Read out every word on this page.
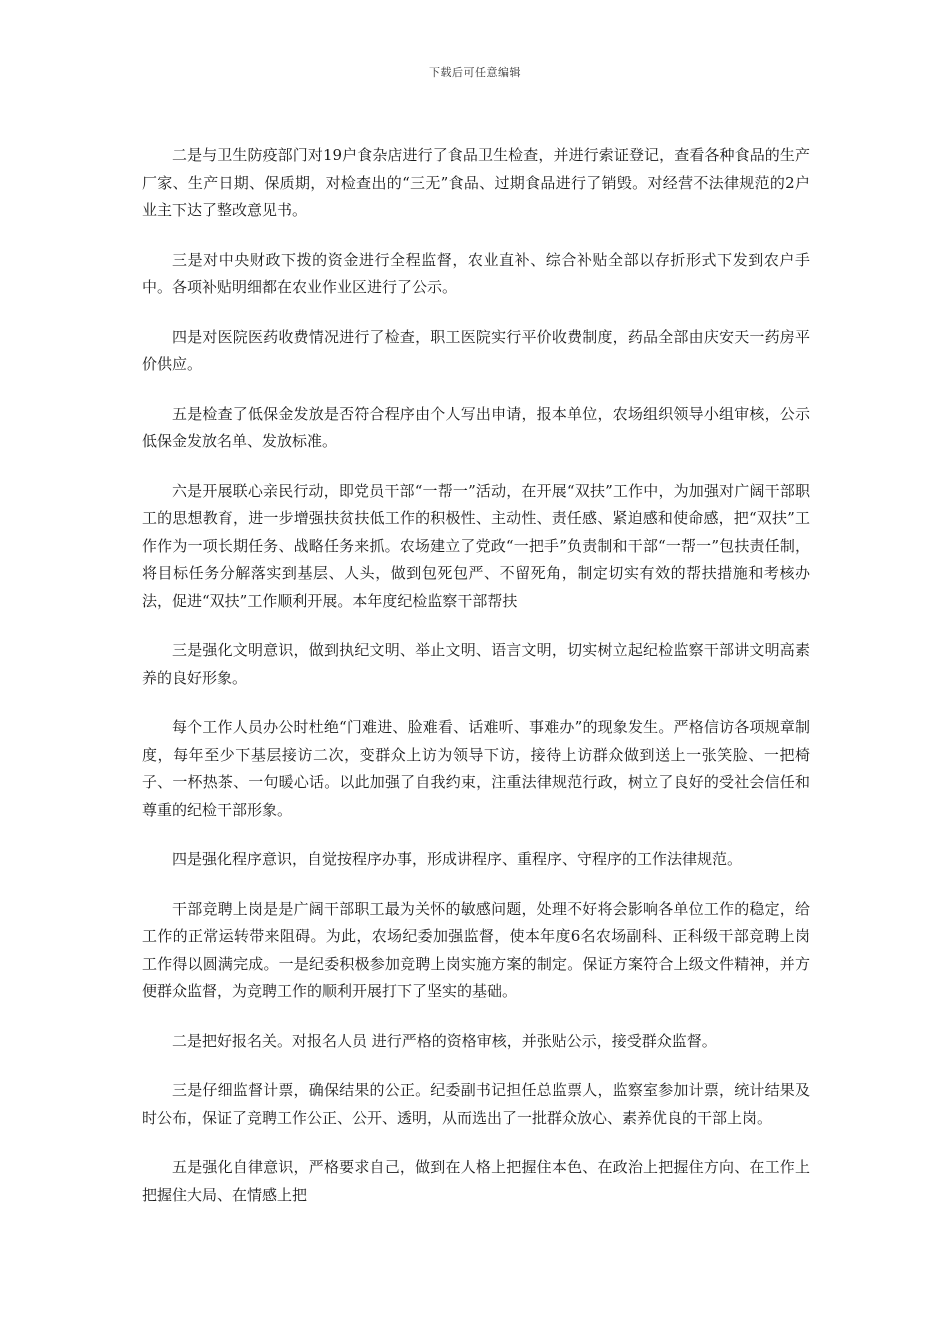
下载后可任意编辑

二是与卫生防疫部门对19户食杂店进行了食品卫生检查，并进行索证登记，查看各种食品的生产厂家、生产日期、保质期，对检查出的“三无”食品、过期食品进行了销毁。对经营不法律规范的2户业主下达了整改意见书。

三是对中央财政下拨的资金进行全程监督，农业直补、综合补贴全部以存折形式下发到农户手中。各项补贴明细都在农业作业区进行了公示。

四是对医院医药收费情况进行了检查，职工医院实行平价收费制度，药品全部由庆安天一药房平价供应。

五是检查了低保金发放是否符合程序由个人写出申请，报本单位，农场组织领导小组审核，公示低保金发放名单、发放标准。

六是开展联心亲民行动，即党员干部“一帮一”活动，在开展“双扶”工作中，为加强对广阔干部职工的思想教育，进一步增强扶贫扶低工作的积极性、主动性、责任感、紧迫感和使命感，把“双扶”工作作为一项长期任务、战略任务来抓。农场建立了党政“一把手”负责制和干部“一帮一”包扶责任制，将目标任务分解落实到基层、人头，做到包死包严、不留死角，制定切实有效的帮扶措施和考核办法，促进“双扶”工作顺利开展。本年度纪检监察干部帮扶

三是强化文明意识，做到执纪文明、举止文明、语言文明，切实树立起纪检监察干部讲文明高素养的良好形象。

每个工作人员办公时杜绝“门难进、脸难看、话难听、事难办”的现象发生。严格信访各项规章制度，每年至少下基层接访二次，变群众上访为领导下访，接待上访群众做到送上一张笑脸、一把椅子、一杯热茶、一句暖心话。以此加强了自我约束，注重法律规范行政，树立了良好的受社会信任和尊重的纪检干部形象。

四是强化程序意识，自觉按程序办事，形成讲程序、重程序、守程序的工作法律规范。

干部竞聘上岗是是广阔干部职工最为关怀的敏感问题，处理不好将会影响各单位工作的稳定，给工作的正常运转带来阻碍。为此，农场纪委加强监督，使本年度6名农场副科、正科级干部竞聘上岗工作得以圆满完成。一是纪委积极参加竞聘上岗实施方案的制定。保证方案符合上级文件精神，并方便群众监督，为竞聘工作的顺利开展打下了坚实的基础。

二是把好报名关。对报名人员 进行严格的资格审核，并张贴公示，接受群众监督。

三是仔细监督计票，确保结果的公正。纪委副书记担任总监票人，监察室参加计票，统计结果及时公布，保证了竞聘工作公正、公开、透明，从而选出了一批群众放心、素养优良的干部上岗。

五是强化自律意识，严格要求自己，做到在人格上把握住本色、在政治上把握住方向、在工作上把握住大局、在情感上把
